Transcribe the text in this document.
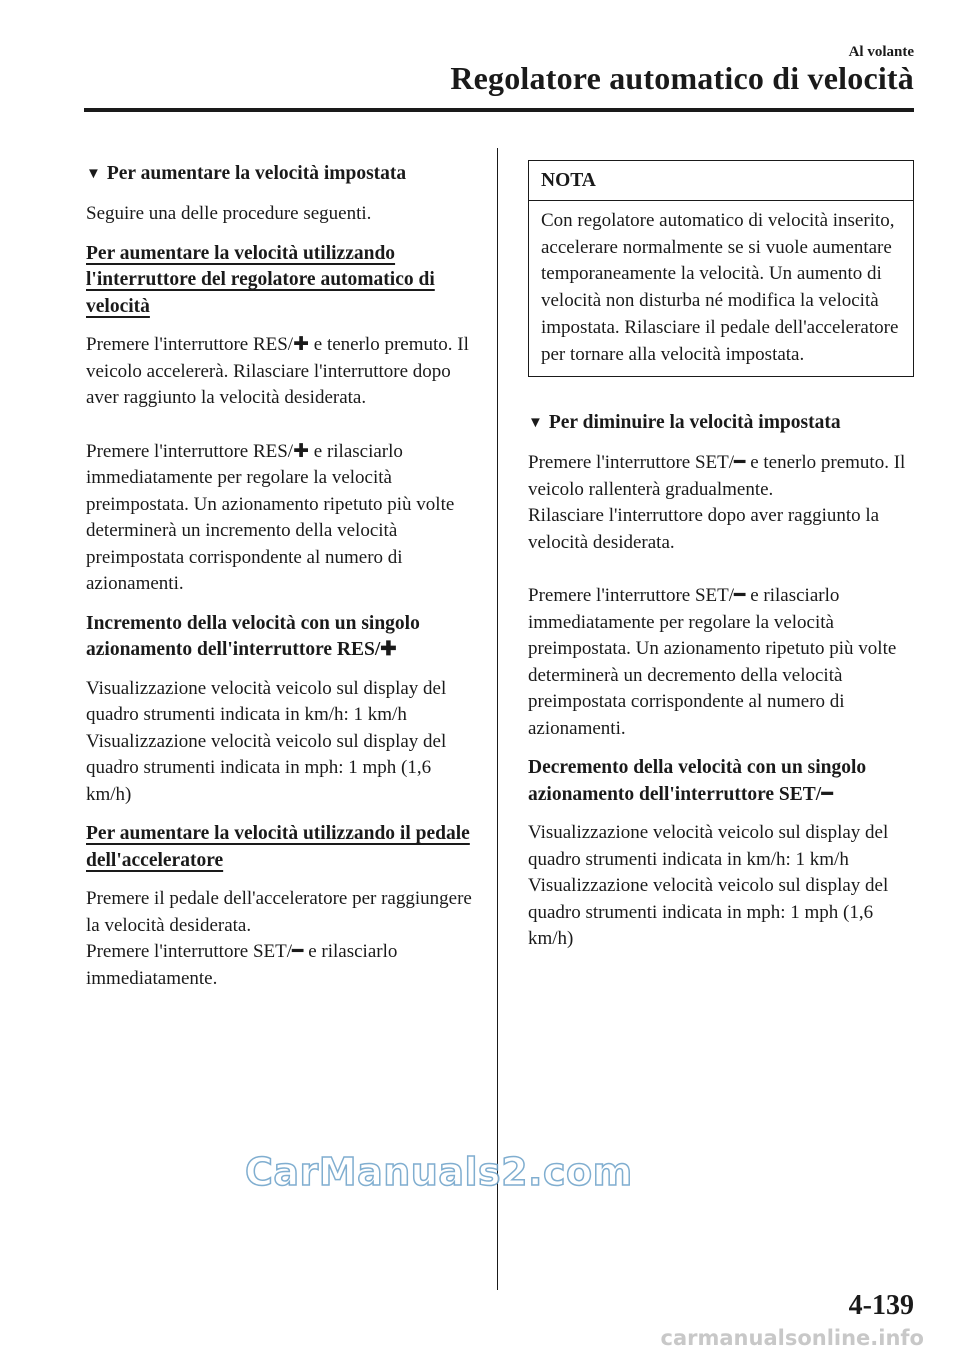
Al volante
Regolatore automatico di velocità
▼ Per aumentare la velocità impostata

Seguire una delle procedure seguenti.

Per aumentare la velocità utilizzando l'interruttore del regolatore automatico di velocità

Premere l'interruttore RES/✚ e tenerlo premuto. Il veicolo accelererà. Rilasciare l'interruttore dopo aver raggiunto la velocità desiderata.

Premere l'interruttore RES/✚ e rilasciarlo immediatamente per regolare la velocità preimpostata. Un azionamento ripetuto più volte determinerà un incremento della velocità preimpostata corrispondente al numero di azionamenti.

Incremento della velocità con un singolo azionamento dell'interruttore RES/✚

Visualizzazione velocità veicolo sul display del quadro strumenti indicata in km/h: 1 km/h
Visualizzazione velocità veicolo sul display del quadro strumenti indicata in mph: 1 mph (1,6 km/h)

Per aumentare la velocità utilizzando il pedale dell'acceleratore

Premere il pedale dell'acceleratore per raggiungere la velocità desiderata.
Premere l'interruttore SET/━ e rilasciarlo immediatamente.

NOTA
Con regolatore automatico di velocità inserito, accelerare normalmente se si vuole aumentare temporaneamente la velocità. Un aumento di velocità non disturba né modifica la velocità impostata. Rilasciare il pedale dell'acceleratore per tornare alla velocità impostata.
▼ Per diminuire la velocità impostata

Premere l'interruttore SET/━ e tenerlo premuto. Il veicolo rallenterà gradualmente.
Rilasciare l'interruttore dopo aver raggiunto la velocità desiderata.

Premere l'interruttore SET/━ e rilasciarlo immediatamente per regolare la velocità preimpostata. Un azionamento ripetuto più volte determinerà un decremento della velocità preimpostata corrispondente al numero di azionamenti.

Decremento della velocità con un singolo azionamento dell'interruttore SET/━

Visualizzazione velocità veicolo sul display del quadro strumenti indicata in km/h: 1 km/h
Visualizzazione velocità veicolo sul display del quadro strumenti indicata in mph: 1 mph (1,6 km/h)

CarManuals2.com
4-139
carmanualsonline.info
